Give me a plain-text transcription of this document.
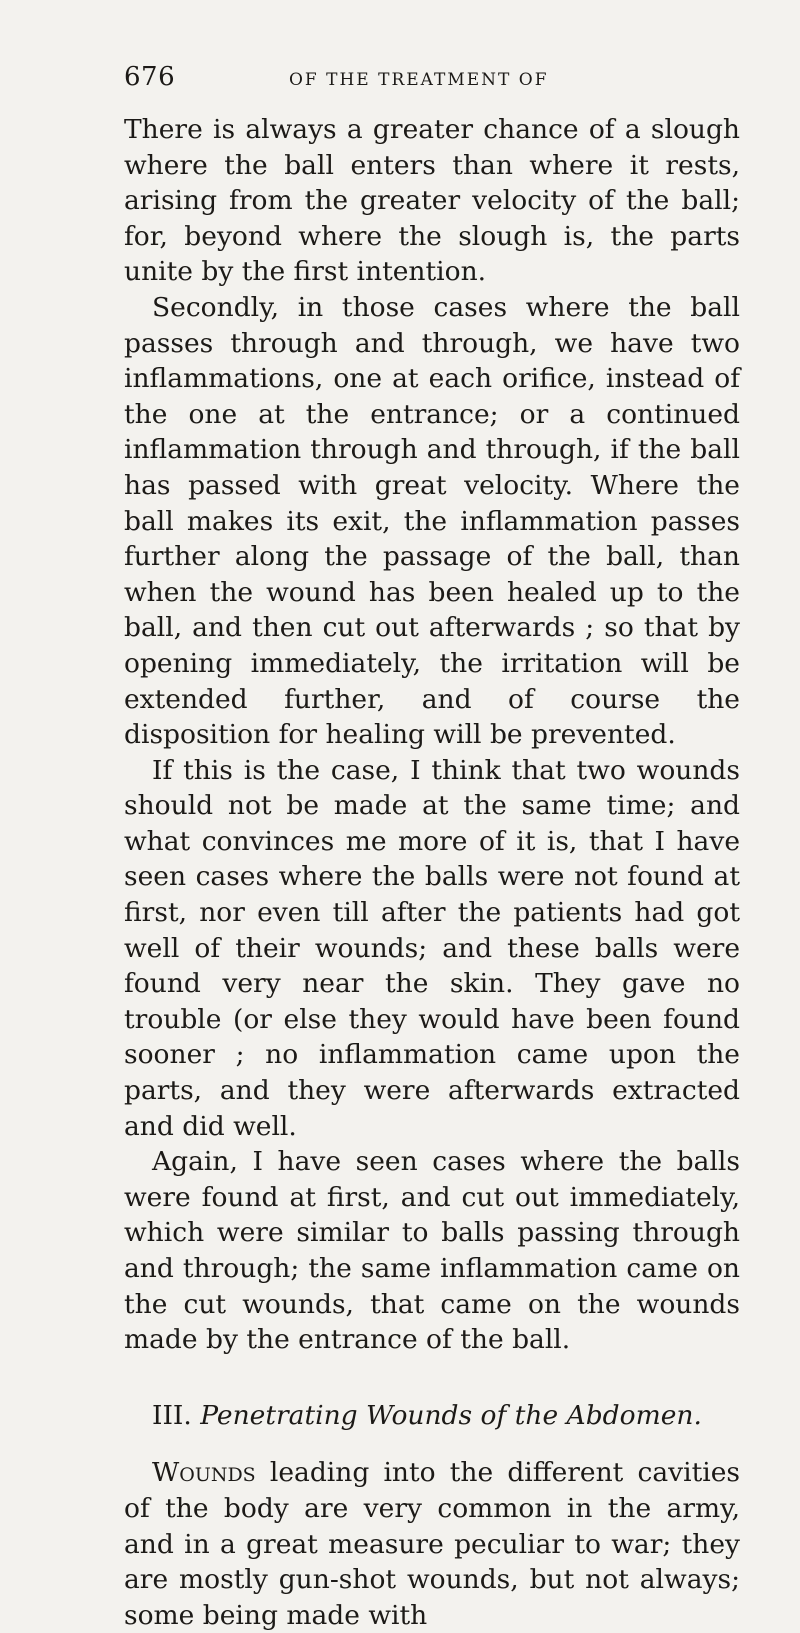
676	OF THE TREATMENT OF

There is always a greater chance of a slough where the ball enters than where it rests, arising from the greater velocity of the ball; for, beyond where the slough is, the parts unite by the first intention.

Secondly, in those cases where the ball passes through and through, we have two inflammations, one at each orifice, instead of the one at the entrance; or a continued inflammation through and through, if the ball has passed with great velocity. Where the ball makes its exit, the inflammation passes further along the passage of the ball, than when the wound has been healed up to the ball, and then cut out afterwards ; so that by opening immediately, the irritation will be extended further, and of course the disposition for healing will be prevented.

If this is the case, I think that two wounds should not be made at the same time; and what convinces me more of it is, that I have seen cases where the balls were not found at first, nor even till after the patients had got well of their wounds; and these balls were found very near the skin. They gave no trouble (or else they would have been found sooner ; no inflammation came upon the parts, and they were afterwards extracted and did well.

Again, I have seen cases where the balls were found at first, and cut out immediately, which were similar to balls passing through and through; the same inflammation came on the cut wounds, that came on the wounds made by the entrance of the ball.

III. Penetrating Wounds of the Abdomen.

Wounds leading into the different cavities of the body are very common in the army, and in a great measure peculiar to war; they are mostly gun-shot wounds, but not always; some being made with
